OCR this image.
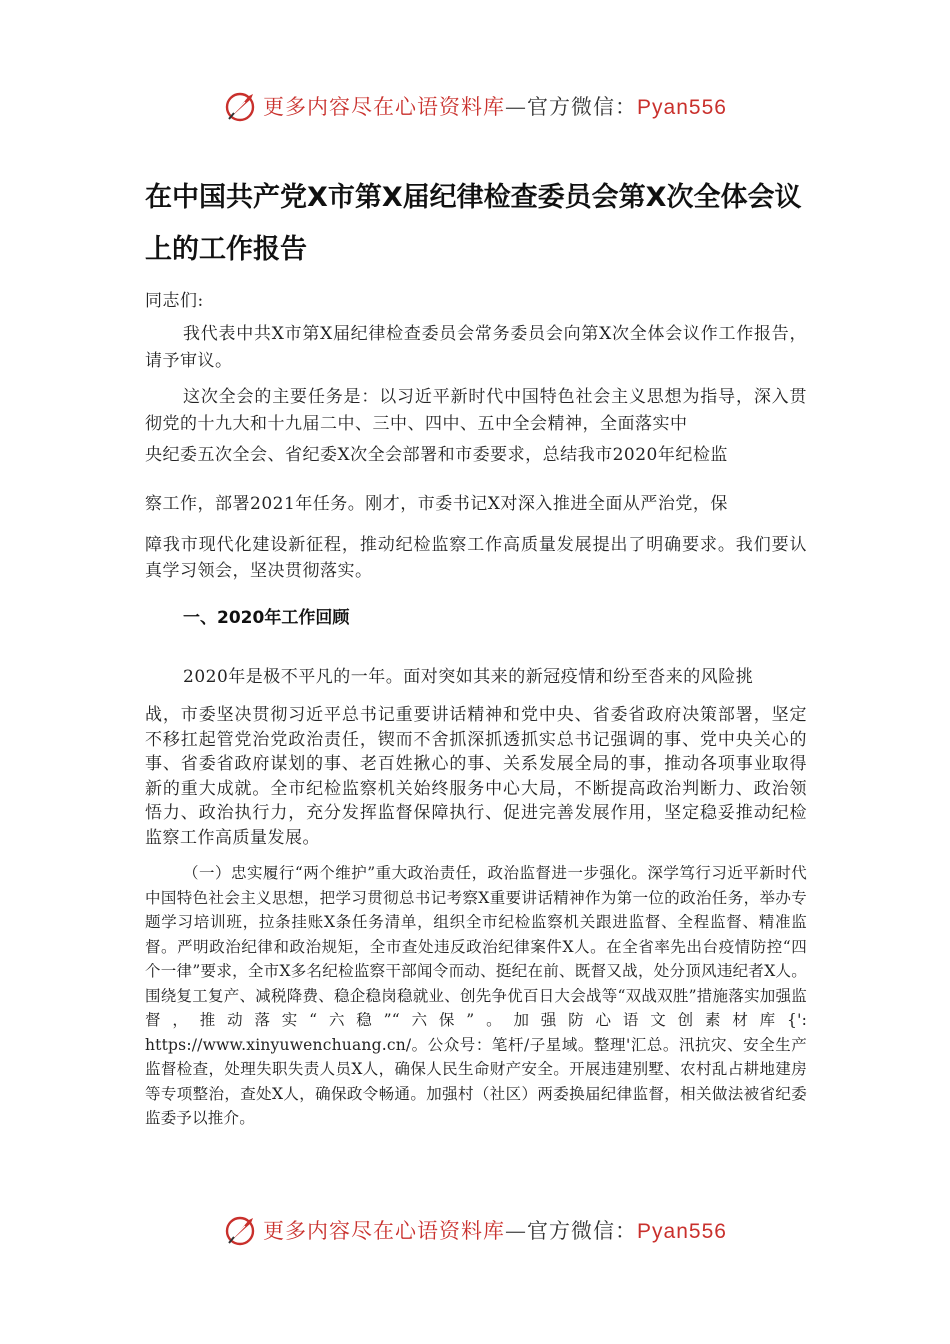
更多内容尽在心语资料库—官方微信：Pyan556
在中国共产党X市第X届纪律检查委员会第X次全体会议上的工作报告

同志们:

我代表中共X市第X届纪律检查委员会常务委员会向第X次全体会议作工作报告，请予审议。

这次全会的主要任务是：以习近平新时代中国特色社会主义思想为指导，深入贯彻党的十九大和十九届二中、三中、四中、五中全会精神，全面落实中

央纪委五次全会、省纪委X次全会部署和市委要求，总结我市2020年纪检监

察工作，部署2021年任务。刚才，市委书记X对深入推进全面从严治党，保

障我市现代化建设新征程，推动纪检监察工作高质量发展提出了明确要求。我们要认真学习领会，坚决贯彻落实。

一、2020年工作回顾

2020年是极不平凡的一年。面对突如其来的新冠疫情和纷至沓来的风险挑

战，市委坚决贯彻习近平总书记重要讲话精神和党中央、省委省政府决策部署，坚定不移扛起管党治党政治责任，锲而不舍抓深抓透抓实总书记强调的事、党中央关心的事、省委省政府谋划的事、老百姓揪心的事、关系发展全局的事，推动各项事业取得新的重大成就。全市纪检监察机关始终服务中心大局，不断提高政治判断力、政治领悟力、政治执行力，充分发挥监督保障执行、促进完善发展作用，坚定稳妥推动纪检监察工作高质量发展。

（一）忠实履行“两个维护”重大政治责任，政治监督进一步强化。深学笃行习近平新时代中国特色社会主义思想，把学习贯彻总书记考察X重要讲话精神作为第一位的政治任务，举办专题学习培训班，拉条挂账X条任务清单，组织全市纪检监察机关跟进监督、全程监督、精准监督。严明政治纪律和政治规矩，全市查处违反政治纪律案件X人。在全省率先出台疫情防控“四个一律”要求，全市X多名纪检监察干部闻令而动、挺纪在前、既督又战，处分顶风违纪者X人。围绕复工复产、减税降费、稳企稳岗稳就业、创先争优百日大会战等“双战双胜”措施落实加强监督，推动落实“六稳”“六保”。加强防心语文创素材库{': https://www.xinyuwenchuang.cn/。公众号：笔杆/子星域。整理'汇总。汛抗灾、安全生产监督检查，处理失职失责人员X人，确保人民生命财产安全。开展违建别墅、农村乱占耕地建房等专项整治，查处X人，确保政令畅通。加强村（社区）两委换届纪律监督，相关做法被省纪委监委予以推介。

更多内容尽在心语资料库—官方微信：Pyan556
